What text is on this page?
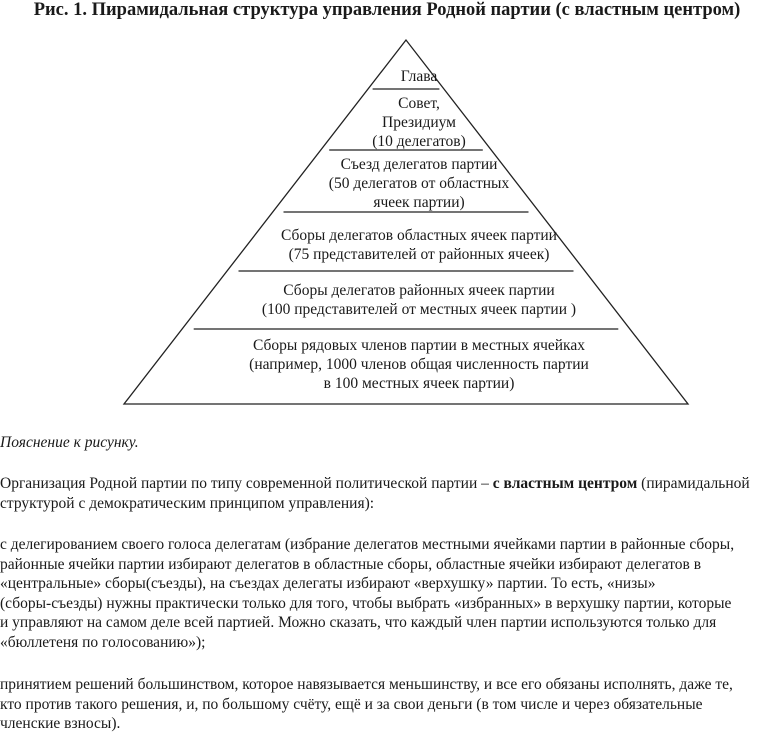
Рис. 1. Пирамидальная структура управления Родной партии (с властным центром)
Глава
Совет,
Президиум
(10 делегатов)
Съезд делегатов партии
(50 делегатов от областных
ячеек партии)
Сборы делегатов областных ячеек партии
(75 представителей от районных ячеек)
Сборы делегатов районных ячеек партии
(100 представителей от местных ячеек партии )
Сборы рядовых членов партии в местных ячейках
(например, 1000 членов общая численность партии
в 100 местных ячеек партии)
Пояснение к рисунку.
Организация Родной партии по типу современной политической партии – с властным центром (пирамидальной
структурой с демократическим принципом управления):
с делегированием своего голоса делегатам (избрание делегатов местными ячейками партии в районные сборы,
районные ячейки партии избирают делегатов в областные сборы, областные ячейки избирают делегатов в
«центральные» сборы(съезды), на съездах делегаты избирают «верхушку» партии. То есть, «низы»
(сборы-съезды) нужны практически только для того, чтобы выбрать «избранных» в верхушку партии, которые
и управляют на самом деле всей партией. Можно сказать, что каждый член партии используются только для
«бюллетеня по голосованию»);
принятием решений большинством, которое навязывается меньшинству, и все его обязаны исполнять, даже те,
кто против такого решения, и, по большому счёту, ещё и за свои деньги (в том числе и через обязательные
членские взносы).
